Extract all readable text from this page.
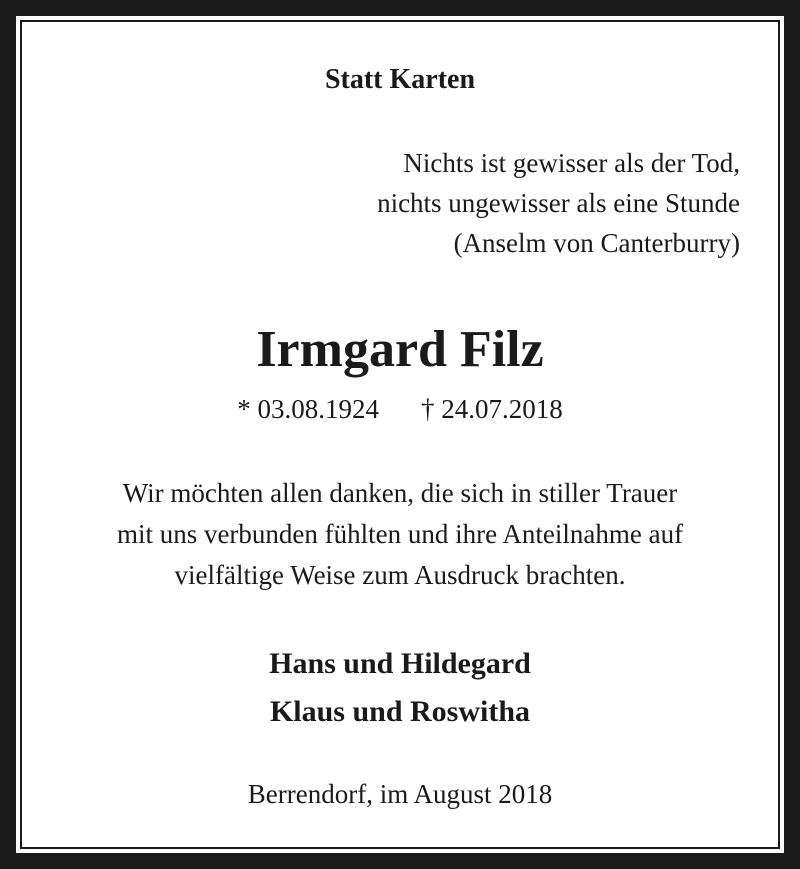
Statt Karten
Nichts ist gewisser als der Tod,
nichts ungewisser als eine Stunde
(Anselm von Canterburry)
Irmgard Filz
* 03.08.1924 † 24.07.2018
Wir möchten allen danken, die sich in stiller Trauer
mit uns verbunden fühlten und ihre Anteilnahme auf
vielfältige Weise zum Ausdruck brachten.
Hans und Hildegard
Klaus und Roswitha
Berrendorf, im August 2018
